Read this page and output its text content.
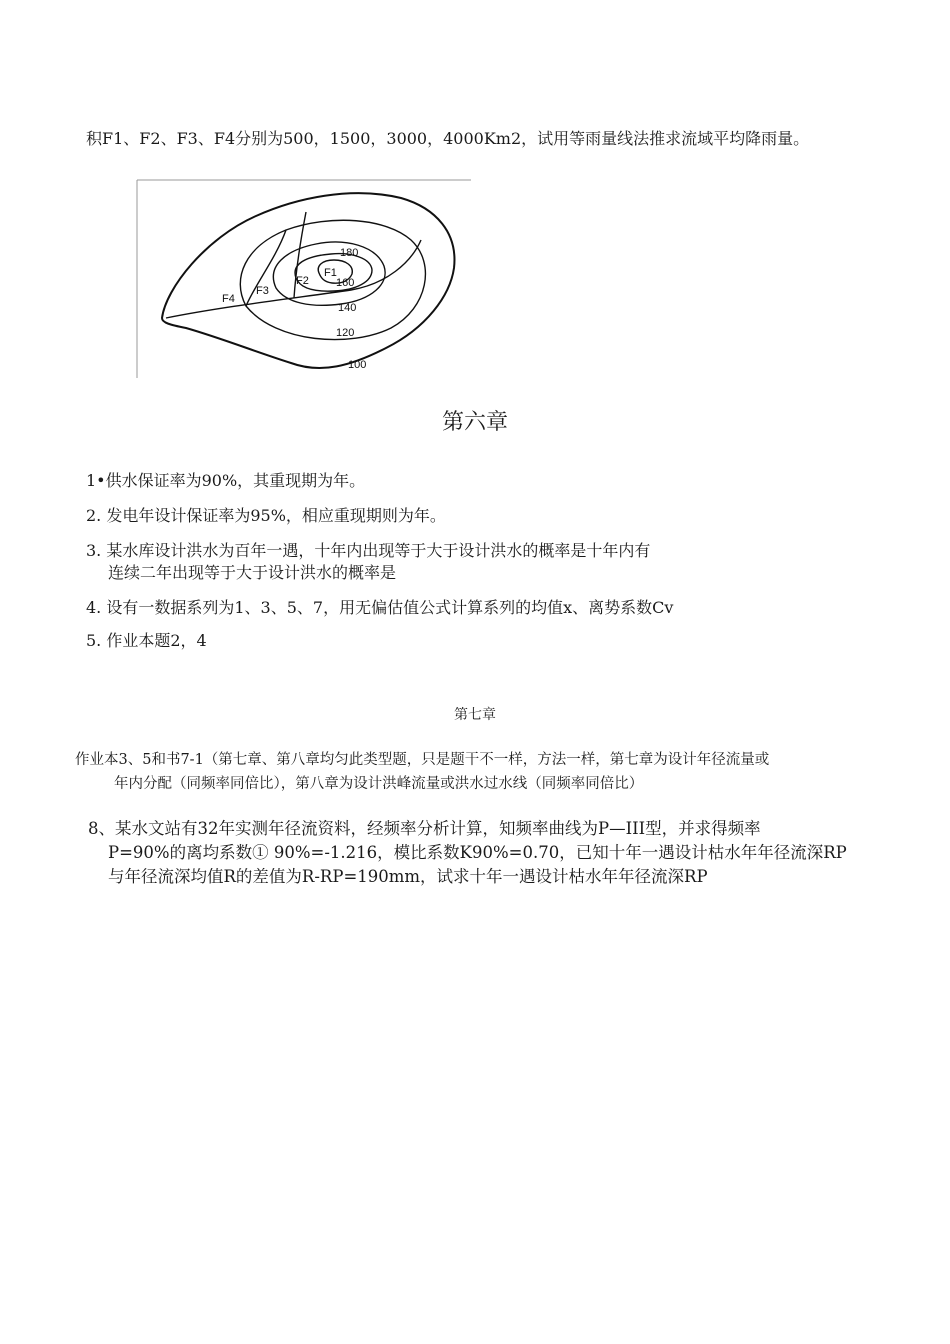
积F1、F2、F3、F4分别为500，1500，3000，4000Km2，试用等雨量线法推求流域平均降雨量。
180
160
140
120
100
F1
F2
F3
F4
第六章
1•供水保证率为90%，其重现期为年。
2. 发电年设计保证率为95%，相应重现期则为年。
3. 某水库设计洪水为百年一遇，十年内出现等于大于设计洪水的概率是十年内有
连续二年出现等于大于设计洪水的概率是
4. 设有一数据系列为1、3、5、7，用无偏估值公式计算系列的均值x、离势系数Cv
5. 作业本题2，4
第七章
作业本3、5和书7-1（第七章、第八章均匀此类型题，只是题干不一样，方法一样，第七章为设计年径流量或
年内分配（同频率同倍比），第八章为设计洪峰流量或洪水过水线（同频率同倍比）
8、某水文站有32年实测年径流资料，经频率分析计算，知频率曲线为P—III型，并求得频率
P=90%的离均系数① 90%=-1.216，模比系数K90%=0.70，已知十年一遇设计枯水年年径流深RP
与年径流深均值R的差值为R-RP=190mm，试求十年一遇设计枯水年年径流深RP
